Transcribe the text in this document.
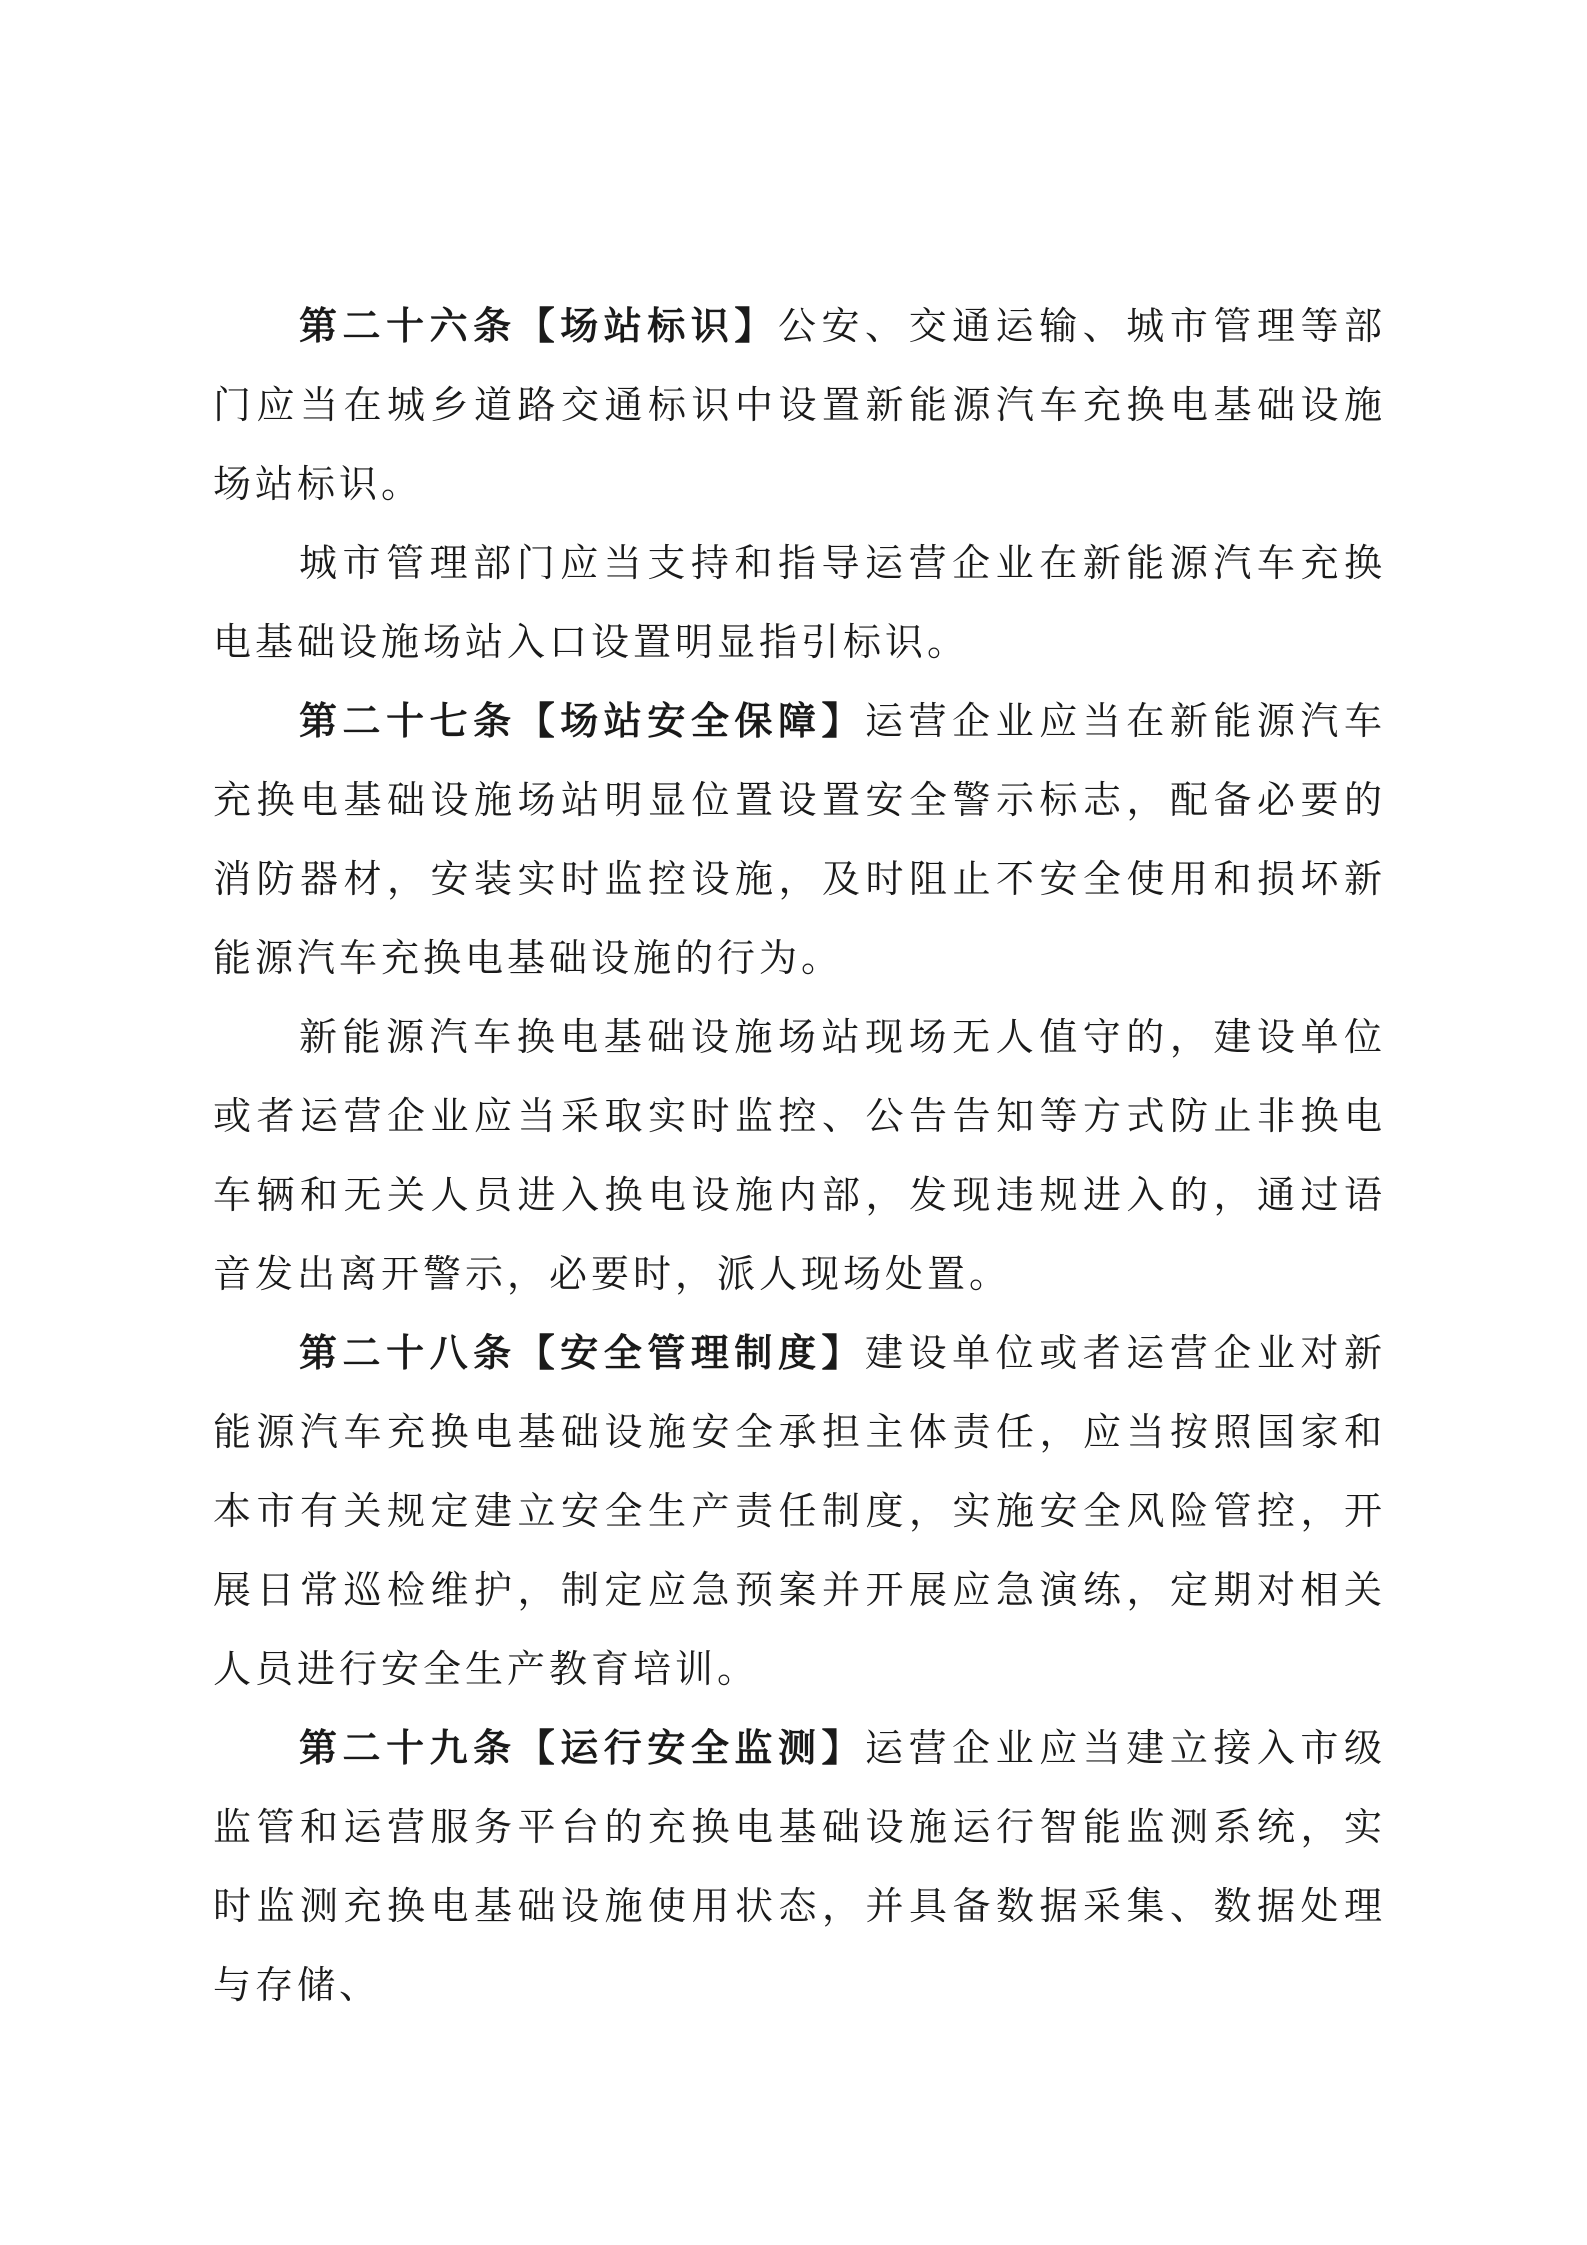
第二十六条【场站标识】公安、交通运输、城市管理等部门应当在城乡道路交通标识中设置新能源汽车充换电基础设施场站标识。

城市管理部门应当支持和指导运营企业在新能源汽车充换电基础设施场站入口设置明显指引标识。

第二十七条【场站安全保障】运营企业应当在新能源汽车充换电基础设施场站明显位置设置安全警示标志，配备必要的消防器材，安装实时监控设施，及时阻止不安全使用和损坏新能源汽车充换电基础设施的行为。

新能源汽车换电基础设施场站现场无人值守的，建设单位或者运营企业应当采取实时监控、公告告知等方式防止非换电车辆和无关人员进入换电设施内部，发现违规进入的，通过语音发出离开警示，必要时，派人现场处置。

第二十八条【安全管理制度】建设单位或者运营企业对新能源汽车充换电基础设施安全承担主体责任，应当按照国家和本市有关规定建立安全生产责任制度，实施安全风险管控，开展日常巡检维护，制定应急预案并开展应急演练，定期对相关人员进行安全生产教育培训。

第二十九条【运行安全监测】运营企业应当建立接入市级监管和运营服务平台的充换电基础设施运行智能监测系统，实时监测充换电基础设施使用状态，并具备数据采集、数据处理与存储、
